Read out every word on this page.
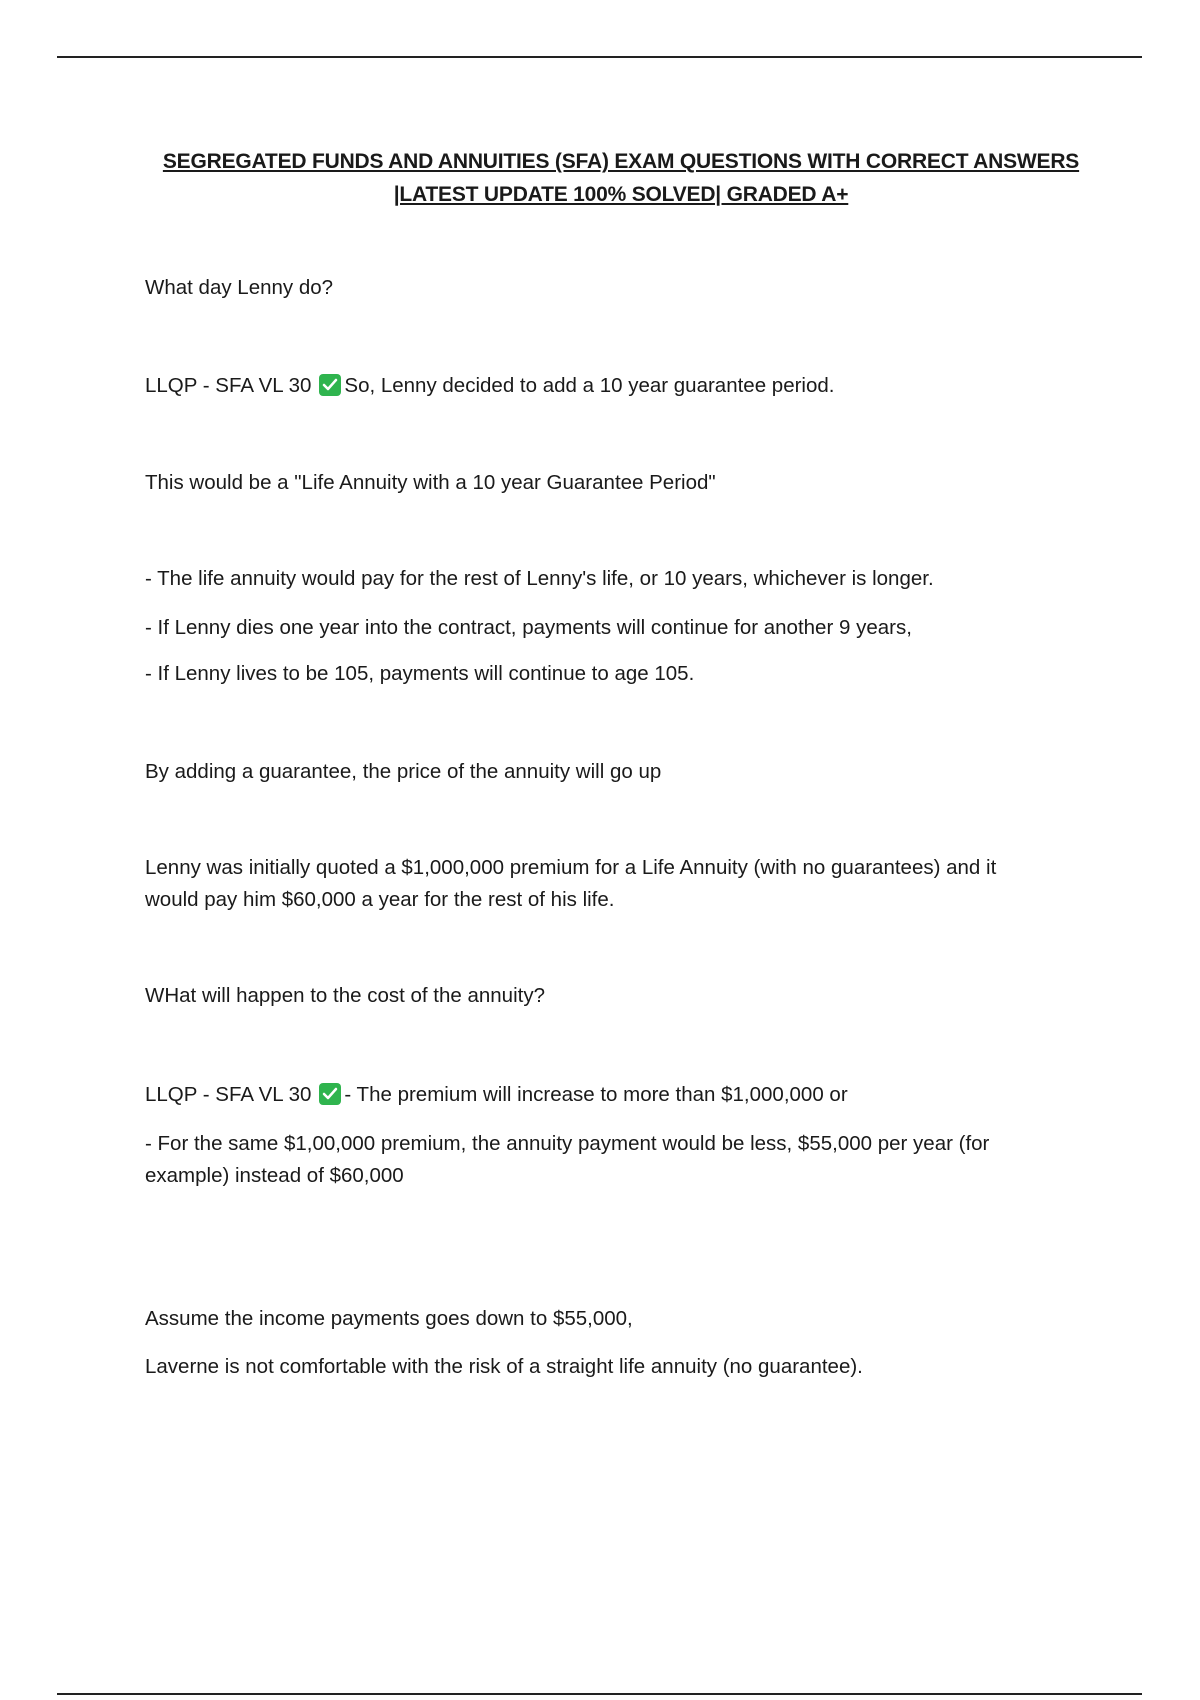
SEGREGATED FUNDS AND ANNUITIES (SFA) EXAM QUESTIONS WITH CORRECT ANSWERS
|LATEST UPDATE 100% SOLVED| GRADED A+
What day Lenny do?
LLQP - SFA VL 30 So, Lenny decided to add a 10 year guarantee period.
This would be a "Life Annuity with a 10 year Guarantee Period"
- The life annuity would pay for the rest of Lenny's life, or 10 years, whichever is longer.
- If Lenny dies one year into the contract, payments will continue for another 9 years,
- If Lenny lives to be 105, payments will continue to age 105.
By adding a guarantee, the price of the annuity will go up
Lenny was initially quoted a $1,000,000 premium for a Life Annuity (with no guarantees) and it
would pay him $60,000 a year for the rest of his life.
WHat will happen to the cost of the annuity?
LLQP - SFA VL 30 - The premium will increase to more than $1,000,000 or
- For the same $1,00,000 premium, the annuity payment would be less, $55,000 per year (for
example) instead of $60,000
Assume the income payments goes down to $55,000,
Laverne is not comfortable with the risk of a straight life annuity (no guarantee).
